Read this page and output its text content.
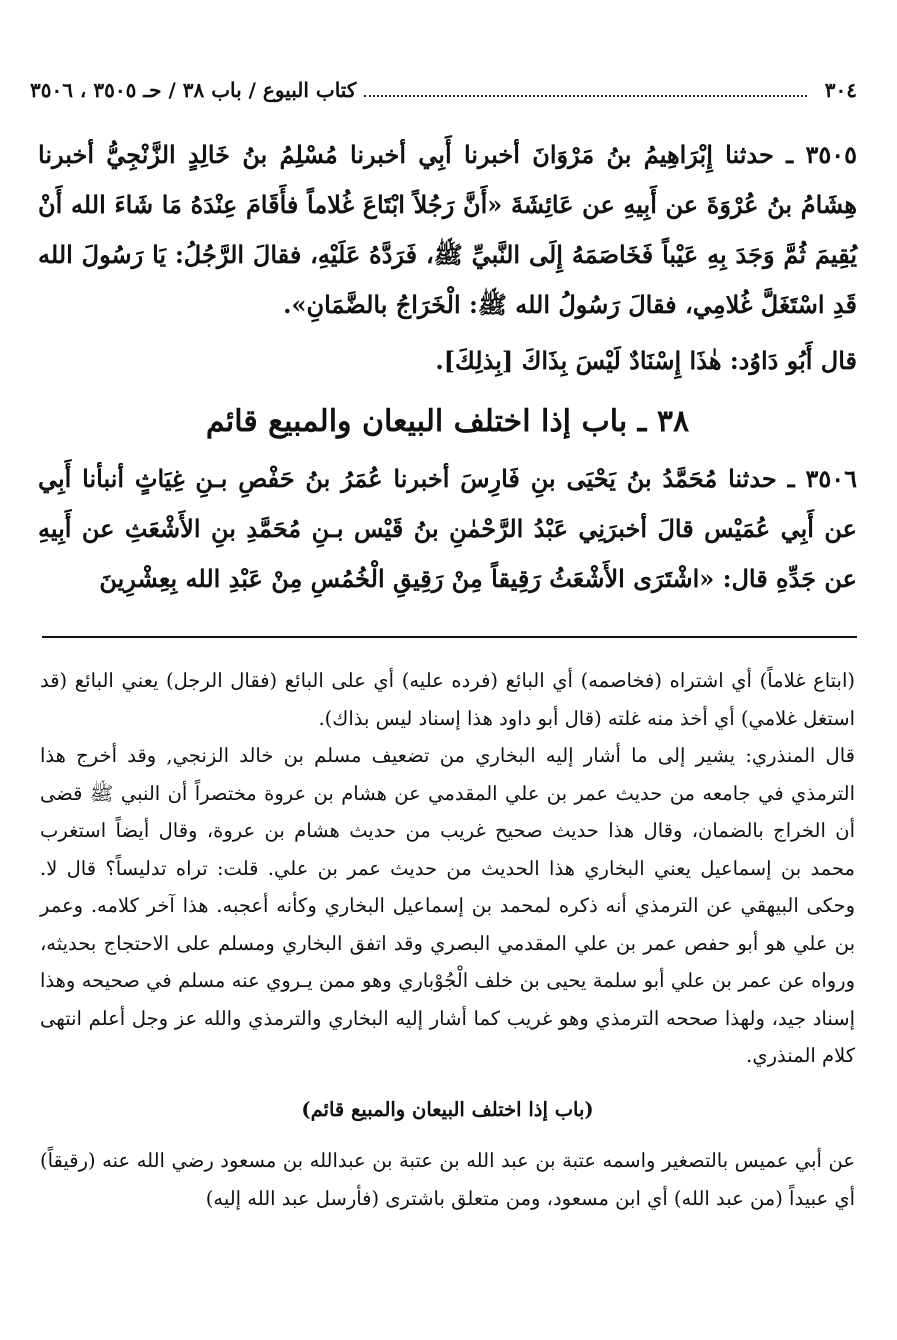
٣٠٤
كتاب البيوع / باب ٣٨ / حـ ٣٥٠٥ ، ٣٥٠٦

٣٥٠٥ ـ حدثنا إِبْرَاهِيمُ بنُ مَرْوَانَ أخبرنا أَبِي أخبرنا مُسْلِمُ بنُ خَالِدٍ الزَّنْجِيُّ أخبرنا هِشَامُ بنُ عُرْوَةَ عن أَبِيهِ عن عَائِشَةَ «أَنَّ رَجُلاً ابْتَاعَ غُلاماً فأَقَامَ عِنْدَهُ مَا شَاءَ الله أَنْ يُقِيمَ ثُمَّ وَجَدَ بِهِ عَيْباً فَخَاصَمَهُ إِلَى النَّبيِّ ﷺ، فَرَدَّهُ عَلَيْهِ، فقالَ الرَّجُلُ: يَا رَسُولَ الله قَدِ اسْتَغَلَّ غُلامِي، فقالَ رَسُولُ الله ﷺ: الْخَرَاجُ بالضَّمَانِ».

قال أَبُو دَاوُد: هٰذَا إِسْنَادٌ لَيْسَ بِذَاكَ [بِذلِكَ].

٣٨ ـ باب إذا اختلف البيعان والمبيع قائم

٣٥٠٦ ـ حدثنا مُحَمَّدُ بنُ يَحْيَى بنِ فَارِسَ أخبرنا عُمَرُ بنُ حَفْصِ بـنِ غِيَاثٍ أنبأنا أَبِي عن أَبِي عُمَيْس قالَ أخبرَنِي عَبْدُ الرَّحْمٰنِ بنُ قَيْس بـنِ مُحَمَّدِ بنِ الأَشْعَثِ عن أَبِيهِ عن جَدِّهِ قال: «اشْتَرَى الأَشْعَثُ رَقِيقاً مِنْ رَقِيقِ الْخُمُسِ مِنْ عَبْدِ الله بِعِشْرِينَ

(ابتاع غلاماً) أي اشتراه (فخاصمه) أي البائع (فرده عليه) أي على البائع (فقال الرجل) يعني البائع (قد استغل غلامي) أي أخذ منه غلته (قال أبو داود هذا إسناد ليس بذاك).

قال المنذري: يشير إلى ما أشار إليه البخاري من تضعيف مسلم بن خالد الزنجي, وقد أخرج هذا الترمذي في جامعه من حديث عمر بن علي المقدمي عن هشام بن عروة مختصراً أن النبي ﷺ قضى أن الخراج بالضمان، وقال هذا حديث صحيح غريب من حديث هشام بن عروة، وقال أيضاً استغرب محمد بن إسماعيل يعني البخاري هذا الحديث من حديث عمر بن علي. قلت: تراه تدليساً؟ قال لا. وحكى البيهقي عن الترمذي أنه ذكره لمحمد بن إسماعيل البخاري وكأنه أعجبه. هذا آخر كلامه. وعمر بن علي هو أبو حفص عمر بن علي المقدمي البصري وقد اتفق البخاري ومسلم على الاحتجاج بحديثه، ورواه عن عمر بن علي أبو سلمة يحيى بن خلف الْجُوْباري وهو ممن يـروي عنه مسلم في صحيحه وهذا إسناد جيد، ولهذا صححه الترمذي وهو غريب كما أشار إليه البخاري والترمذي والله عز وجل أعلم انتهى كلام المنذري.

(باب إذا اختلف البيعان والمبيع قائم)

عن أبي عميس بالتصغير واسمه عتبة بن عبد الله بن عتبة بن عبدالله بن مسعود رضي الله عنه (رقيقاً) أي عبيداً (من عبد الله) أي ابن مسعود، ومن متعلق باشترى (فأرسل عبد الله إليه)
